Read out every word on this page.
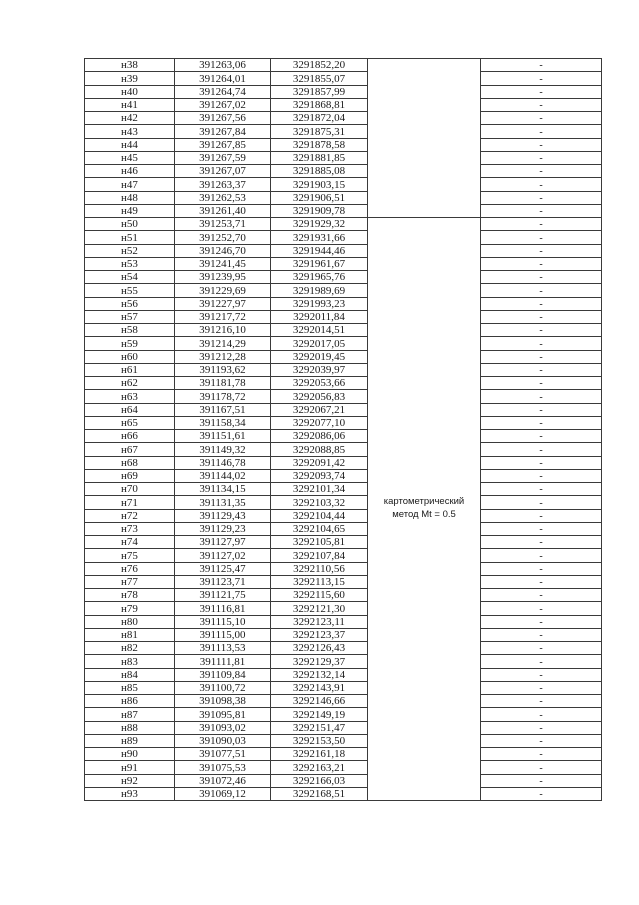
н38	391263,06	3291852,20		-
н39	391264,01	3291855,07		-
н40	391264,74	3291857,99		-
н41	391267,02	3291868,81		-
н42	391267,56	3291872,04		-
н43	391267,84	3291875,31		-
н44	391267,85	3291878,58		-
н45	391267,59	3291881,85		-
н46	391267,07	3291885,08		-
н47	391263,37	3291903,15		-
н48	391262,53	3291906,51		-
н49	391261,40	3291909,78		-
н50	391253,71	3291929,32	картометрический
метод Mt = 0.5	-
н51	391252,70	3291931,66		-
н52	391246,70	3291944,46		-
н53	391241,45	3291961,67		-
н54	391239,95	3291965,76		-
н55	391229,69	3291989,69		-
н56	391227,97	3291993,23		-
н57	391217,72	3292011,84		-
н58	391216,10	3292014,51		-
н59	391214,29	3292017,05		-
н60	391212,28	3292019,45		-
н61	391193,62	3292039,97		-
н62	391181,78	3292053,66		-
н63	391178,72	3292056,83		-
н64	391167,51	3292067,21		-
н65	391158,34	3292077,10		-
н66	391151,61	3292086,06		-
н67	391149,32	3292088,85		-
н68	391146,78	3292091,42		-
н69	391144,02	3292093,74		-
н70	391134,15	3292101,34		-
н71	391131,35	3292103,32		-
н72	391129,43	3292104,44		-
н73	391129,23	3292104,65		-
н74	391127,97	3292105,81		-
н75	391127,02	3292107,84		-
н76	391125,47	3292110,56		-
н77	391123,71	3292113,15		-
н78	391121,75	3292115,60		-
н79	391116,81	3292121,30		-
н80	391115,10	3292123,11		-
н81	391115,00	3292123,37		-
н82	391113,53	3292126,43		-
н83	391111,81	3292129,37		-
н84	391109,84	3292132,14		-
н85	391100,72	3292143,91		-
н86	391098,38	3292146,66		-
н87	391095,81	3292149,19		-
н88	391093,02	3292151,47		-
н89	391090,03	3292153,50		-
н90	391077,51	3292161,18		-
н91	391075,53	3292163,21		-
н92	391072,46	3292166,03		-
н93	391069,12	3292168,51		-
